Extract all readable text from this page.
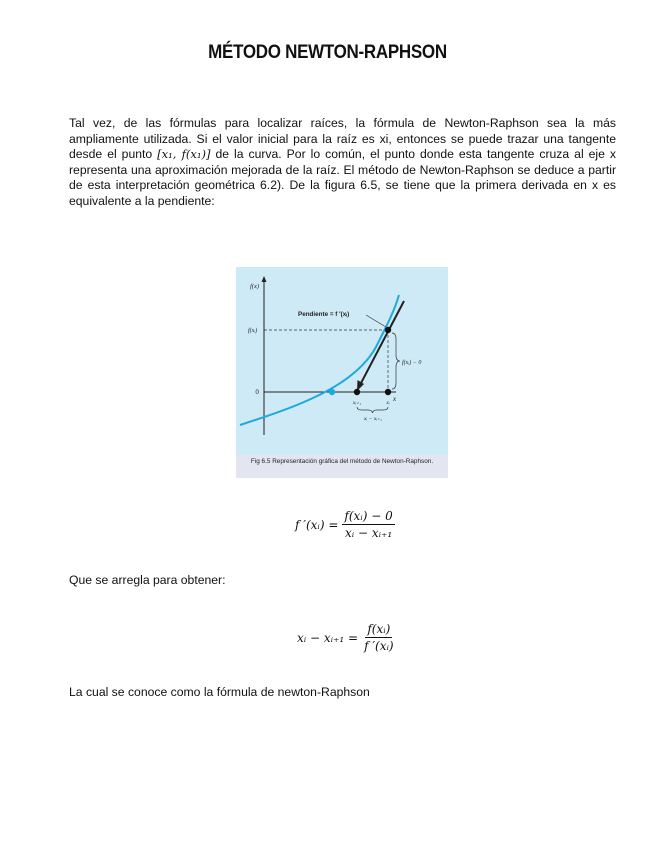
MÉTODO NEWTON-RAPHSON

Tal vez, de las fórmulas para localizar raíces, la fórmula de Newton-Raphson sea la más ampliamente utilizada. Si el valor inicial para la raíz es xi, entonces se puede trazar una tangente desde el punto [x₁, f(x₁)] de la curva. Por lo común, el punto donde esta tangente cruza al eje x representa una aproximación mejorada de la raíz. El método de Newton-Raphson se deduce a partir de esta interpretación geométrica 6.2). De la figura 6.5, se tiene que la primera derivada en x es equivalente a la pendiente:

f(x)
x
f(xᵢ)
0
Pendiente = f ′(xᵢ)
f(xᵢ) − 0
xᵢ₊₁	xᵢ
xᵢ − xᵢ₊₁
Fig 6.5 Representación gráfica del método de Newton-Raphson.
f ′(xᵢ) = $\frac{\text{f(xᵢ) − 0}}{\text{xᵢ − xᵢ₊₁}}$
Que se arregla para obtener:
xᵢ − xᵢ₊₁ = $\frac{\text{f(xᵢ)}}{\text{f ′(xᵢ)}}$
La cual se conoce como la fórmula de newton-Raphson
